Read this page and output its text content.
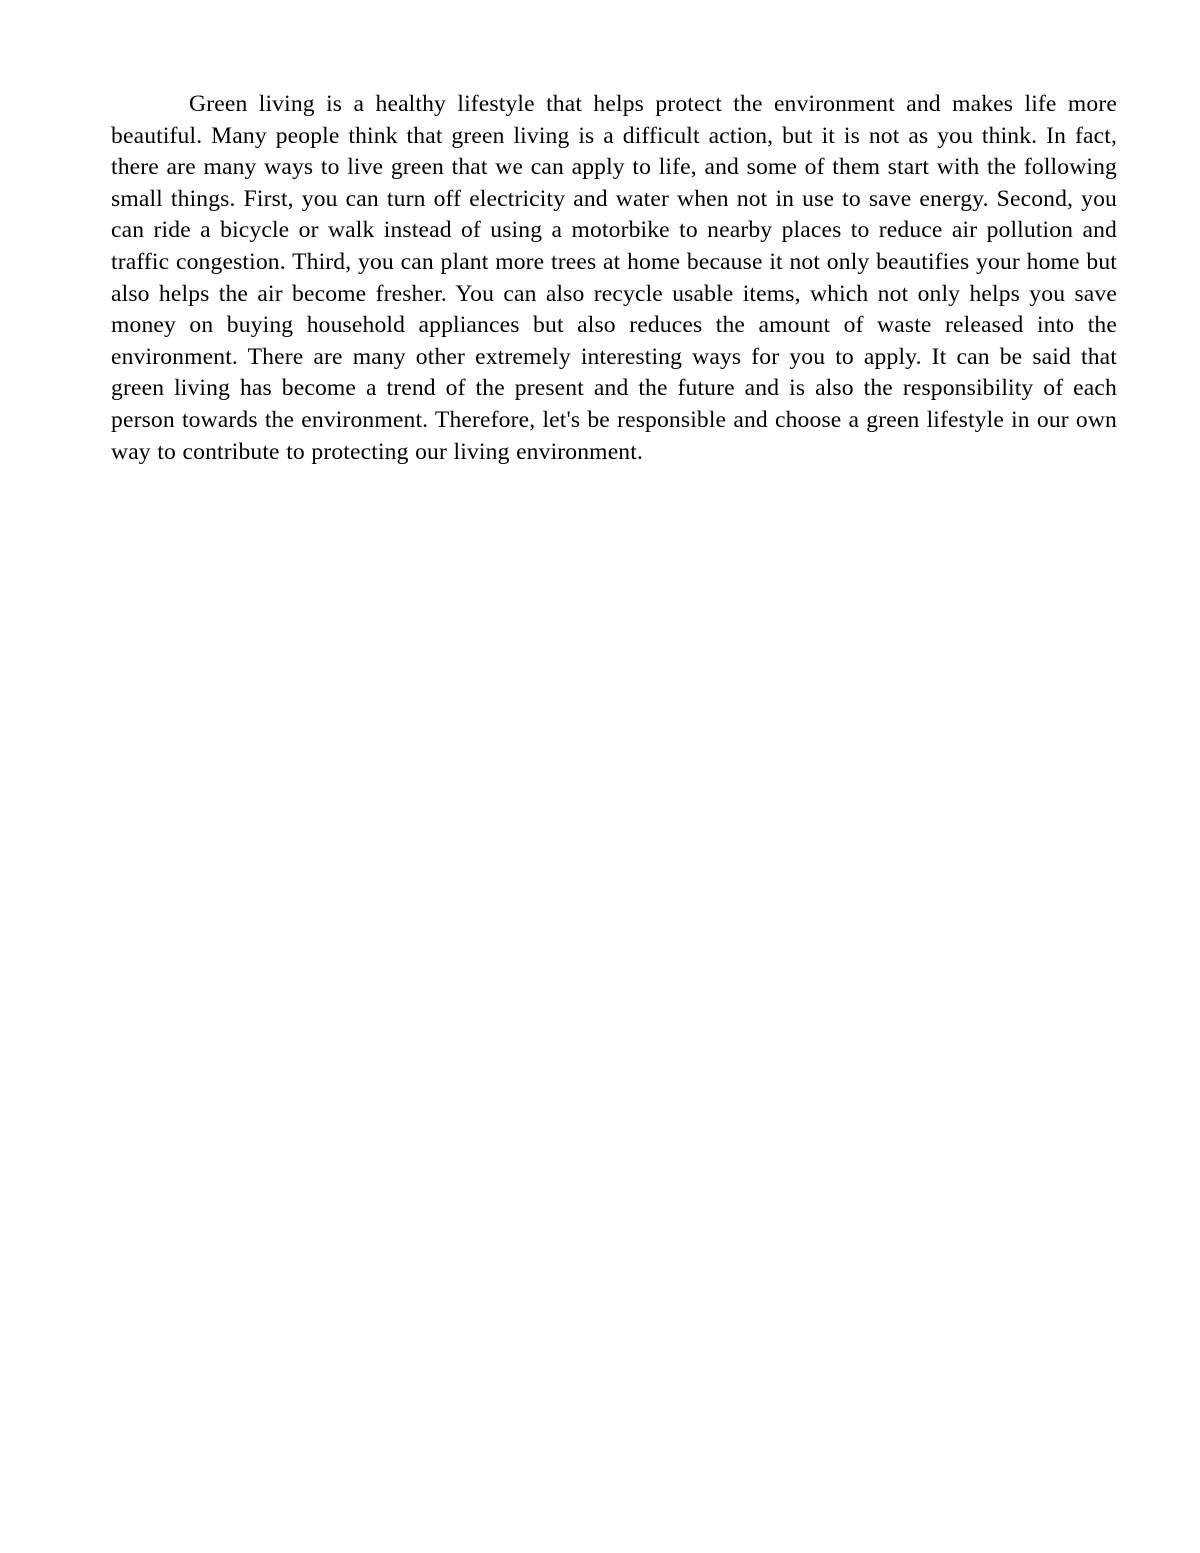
Green living is a healthy lifestyle that helps protect the environment and makes life more beautiful. Many people think that green living is a difficult action, but it is not as you think. In fact, there are many ways to live green that we can apply to life, and some of them start with the following small things. First, you can turn off electricity and water when not in use to save energy. Second, you can ride a bicycle or walk instead of using a motorbike to nearby places to reduce air pollution and traffic congestion. Third, you can plant more trees at home because it not only beautifies your home but also helps the air become fresher. You can also recycle usable items, which not only helps you save money on buying household appliances but also reduces the amount of waste released into the environment. There are many other extremely interesting ways for you to apply. It can be said that green living has become a trend of the present and the future and is also the responsibility of each person towards the environment. Therefore, let's be responsible and choose a green lifestyle in our own way to contribute to protecting our living environment.
